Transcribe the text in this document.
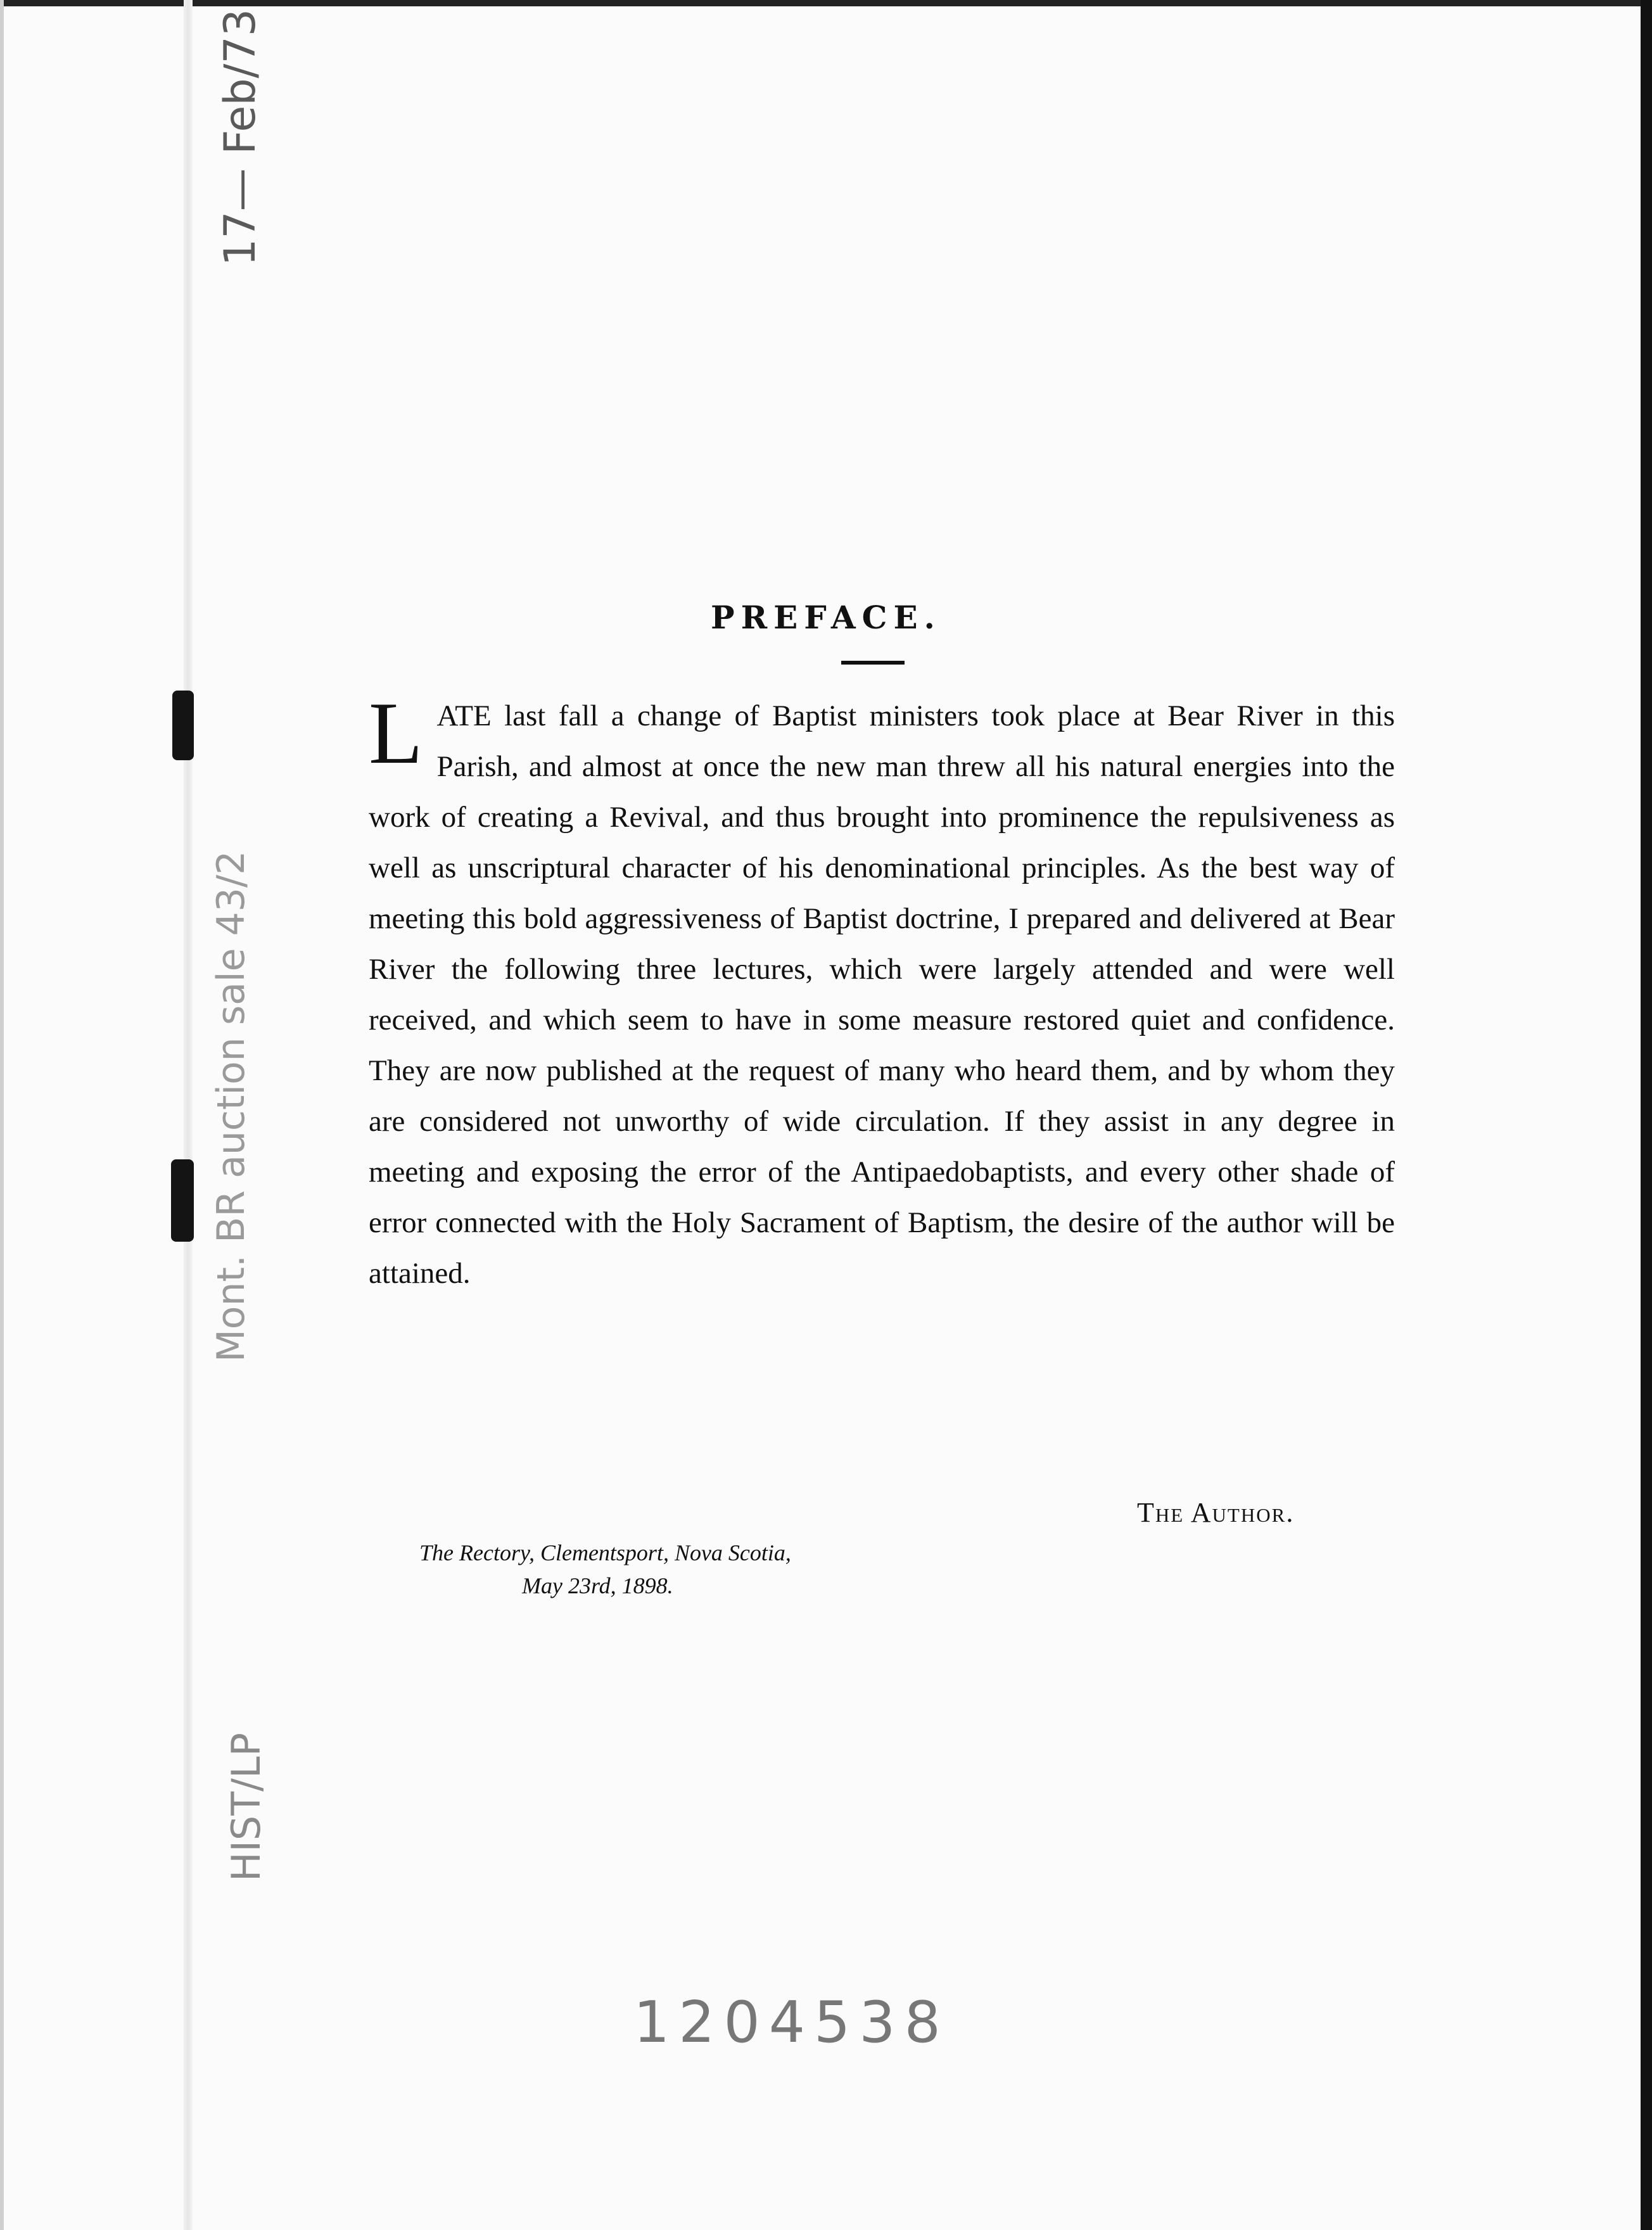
17— Feb/73
Mont. BR auction sale 43/2
HIST/LP
PREFACE.
LATE last fall a change of Baptist ministers took place at Bear River in this Parish, and almost at once the new man threw all his natural energies into the work of creating a Revival, and thus brought into prominence the repulsiveness as well as unscriptural character of his denominational principles. As the best way of meeting this bold aggressiveness of Baptist doctrine, I prepared and delivered at Bear River the following three lectures, which were largely attended and were well received, and which seem to have in some measure restored quiet and confidence. They are now published at the request of many who heard them, and by whom they are considered not unworthy of wide circulation. If they assist in any degree in meeting and exposing the error of the Antipaedobaptists, and every other shade of error connected with the Holy Sacrament of Baptism, the desire of the author will be attained.
The Author.
The Rectory, Clementsport, Nova Scotia,
May 23rd, 1898.
1204538
